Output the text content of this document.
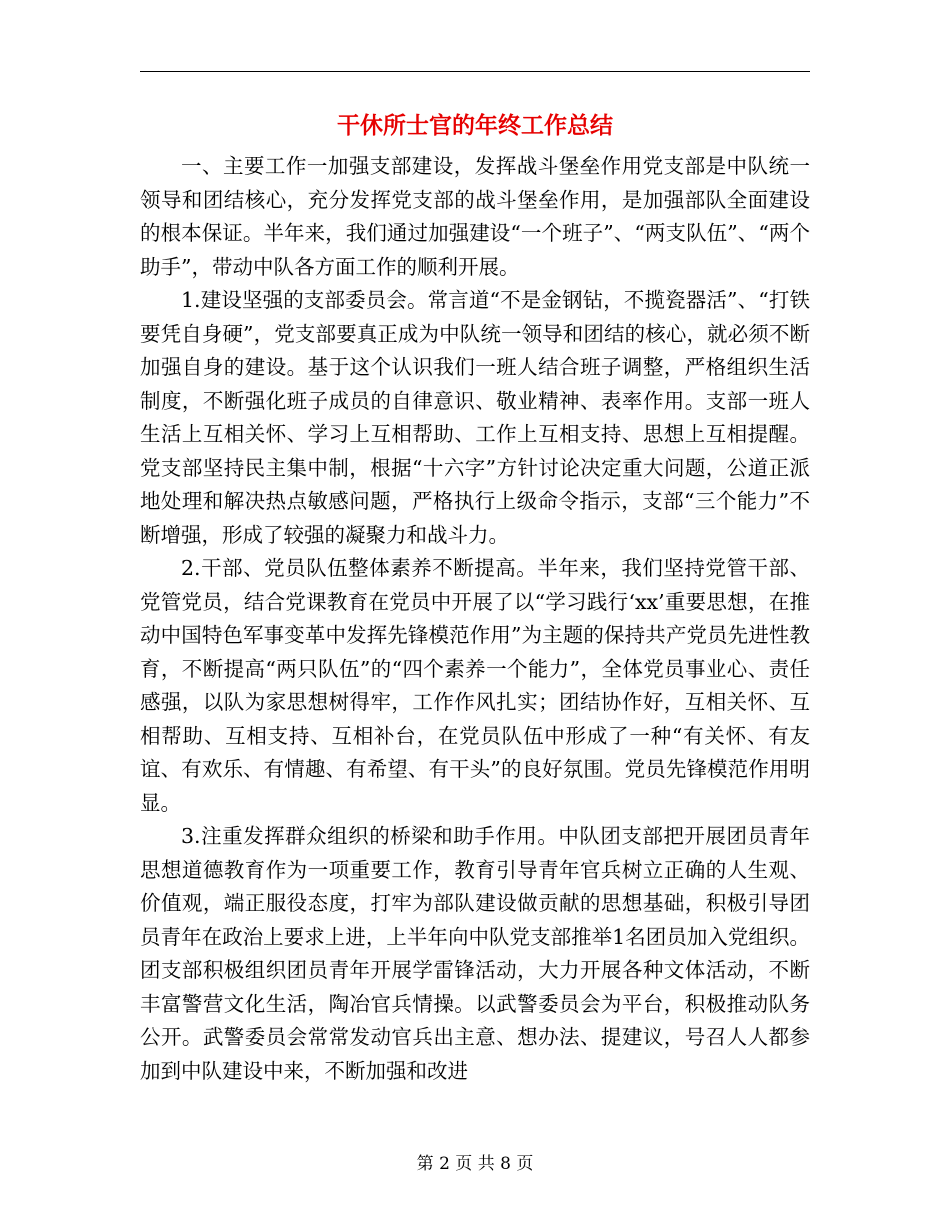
干休所士官的年终工作总结

一、主要工作一加强支部建设，发挥战斗堡垒作用党支部是中队统一领导和团结核心，充分发挥党支部的战斗堡垒作用，是加强部队全面建设的根本保证。半年来，我们通过加强建设“一个班子”、“两支队伍”、“两个助手”，带动中队各方面工作的顺利开展。

1.建设坚强的支部委员会。常言道“不是金钢钻，不揽瓷器活”、“打铁要凭自身硬”，党支部要真正成为中队统一领导和团结的核心，就必须不断加强自身的建设。基于这个认识我们一班人结合班子调整，严格组织生活制度，不断强化班子成员的自律意识、敬业精神、表率作用。支部一班人生活上互相关怀、学习上互相帮助、工作上互相支持、思想上互相提醒。党支部坚持民主集中制，根据“十六字”方针讨论决定重大问题，公道正派地处理和解决热点敏感问题，严格执行上级命令指示，支部“三个能力”不断增强，形成了较强的凝聚力和战斗力。

2.干部、党员队伍整体素养不断提高。半年来，我们坚持党管干部、党管党员，结合党课教育在党员中开展了以“学习践行‘xx’重要思想，在推动中国特色军事变革中发挥先锋模范作用”为主题的保持共产党员先进性教育，不断提高“两只队伍”的“四个素养一个能力”，全体党员事业心、责任感强，以队为家思想树得牢，工作作风扎实；团结协作好，互相关怀、互相帮助、互相支持、互相补台，在党员队伍中形成了一种“有关怀、有友谊、有欢乐、有情趣、有希望、有干头”的良好氛围。党员先锋模范作用明显。

3.注重发挥群众组织的桥梁和助手作用。中队团支部把开展团员青年思想道德教育作为一项重要工作，教育引导青年官兵树立正确的人生观、价值观，端正服役态度，打牢为部队建设做贡献的思想基础，积极引导团员青年在政治上要求上进，上半年向中队党支部推举1名团员加入党组织。团支部积极组织团员青年开展学雷锋活动，大力开展各种文体活动，不断丰富警营文化生活，陶冶官兵情操。以武警委员会为平台，积极推动队务公开。武警委员会常常发动官兵出主意、想办法、提建议，号召人人都参加到中队建设中来，不断加强和改进

第 2 页 共 8 页
